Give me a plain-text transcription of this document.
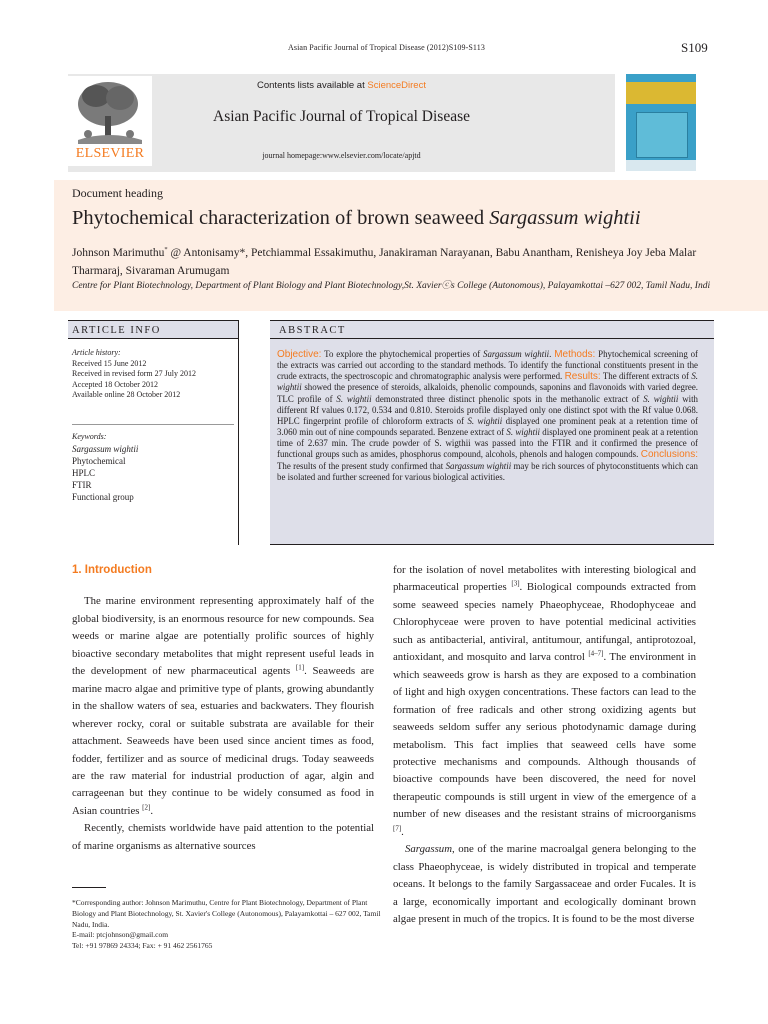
Asian Pacific Journal of Tropical Disease (2012)S109-S113	S109
ELSEVIER
Contents lists available at ScienceDirect
Asian Pacific Journal of Tropical Disease
journal homepage:www.elsevier.com/locate/apjtd
Document heading
Phytochemical characterization of brown seaweed Sargassum wightii
Johnson Marimuthu* @ Antonisamy*, Petchiammal Essakimuthu, Janakiraman Narayanan, Babu Anantham, Renisheya Joy Jeba Malar Tharmaraj, Sivaraman Arumugam
Centre for Plant Biotechnology, Department of Plant Biology and Plant Biotechnology,St. Xavierⓒs College (Autonomous), Palayamkottai –627 002, Tamil Nadu, Indi
ARTICLE INFO	ABSTRACT
Article history:
Received 15 June 2012
Received in revised form 27 July 2012
Accepted 18 October 2012
Available online 28 October 2012
Keywords:
Sargassum wightii
Phytochemical
HPLC
FTIR
Functional group
Objective: To explore the phytochemical properties of Sargassum wightii. Methods: Phytochemical screening of the extracts was carried out according to the standard methods. To identify the functional constituents present in the crude extracts, the spectroscopic and chromatographic analysis were performed. Results: The different extracts of S. wightii showed the presence of steroids, alkaloids, phenolic compounds, saponins and flavonoids with varied degree. TLC profile of S. wightii demonstrated three distinct phenolic spots in the methanolic extract of S. wightii with different Rf values 0.172, 0.534 and 0.810. Steroids profile displayed only one distinct spot with the Rf value 0.068. HPLC fingerprint profile of chloroform extracts of S. wightii displayed one prominent peak at a retention time of 3.060 min out of nine compounds separated. Benzene extract of S. wightii displayed one prominent peak at a retention time of 2.637 min. The crude powder of S. wigthii was passed into the FTIR and it confirmed the presence of functional groups such as amides, phosphorus compound, alcohols, phenols and halogen compounds. Conclusions: The results of the present study confirmed that Sargassum wightii may be rich sources of phytoconstituents which can be isolated and further screened for various biological activities.

1. Introduction

The marine environment representing approximately half of the global biodiversity, is an enormous resource for new compounds. Sea weeds or marine algae are potentially prolific sources of highly bioactive secondary metabolites that might represent useful leads in the development of new pharmaceutical agents [1]. Seaweeds are marine macro algae and primitive type of plants, growing abundantly in the shallow waters of sea, estuaries and backwaters. They flourish wherever rocky, coral or suitable substrata are available for their attachment. Seaweeds have been used since ancient times as food, fodder, fertilizer and as source of medicinal drugs. Today seaweeds are the raw material for industrial production of agar, algin and carrageenan but they continue to be widely consumed as food in Asian countries [2].

Recently, chemists worldwide have paid attention to the potential of marine organisms as alternative sources

for the isolation of novel metabolites with interesting biological and pharmaceutical properties [3]. Biological compounds extracted from some seaweed species namely Phaeophyceae, Rhodophyceae and Chlorophyceae were proven to have potential medicinal activities such as antibacterial, antiviral, antitumour, antifungal, antiprotozoal, antioxidant, and mosquito and larva control [4–7]. The environment in which seaweeds grow is harsh as they are exposed to a combination of light and high oxygen concentrations. These factors can lead to the formation of free radicals and other strong oxidizing agents but seaweeds seldom suffer any serious photodynamic damage during metabolism. This fact implies that seaweed cells have some protective mechanisms and compounds. Although thousands of bioactive compounds have been discovered, the need for novel therapeutic compounds is still urgent in view of the emergence of a number of new diseases and the resistant strains of microorganisms [7].

Sargassum, one of the marine macroalgal genera belonging to the class Phaeophyceae, is widely distributed in tropical and temperate oceans. It belongs to the family Sargassaceae and order Fucales. It is a large, economically important and ecologically dominant brown algae present in much of the tropics. It is found to be the most diverse

*Corresponding author: Johnson Marimuthu, Centre for Plant Biotechnology, Department of Plant Biology and Plant Biotechnology, St. Xavier's College (Autonomous), Palayamkottai – 627 002, Tamil Nadu, India.
E-mail: ptcjohnson@gmail.com
Tel: +91 97869 24334; Fax: + 91 462 2561765
